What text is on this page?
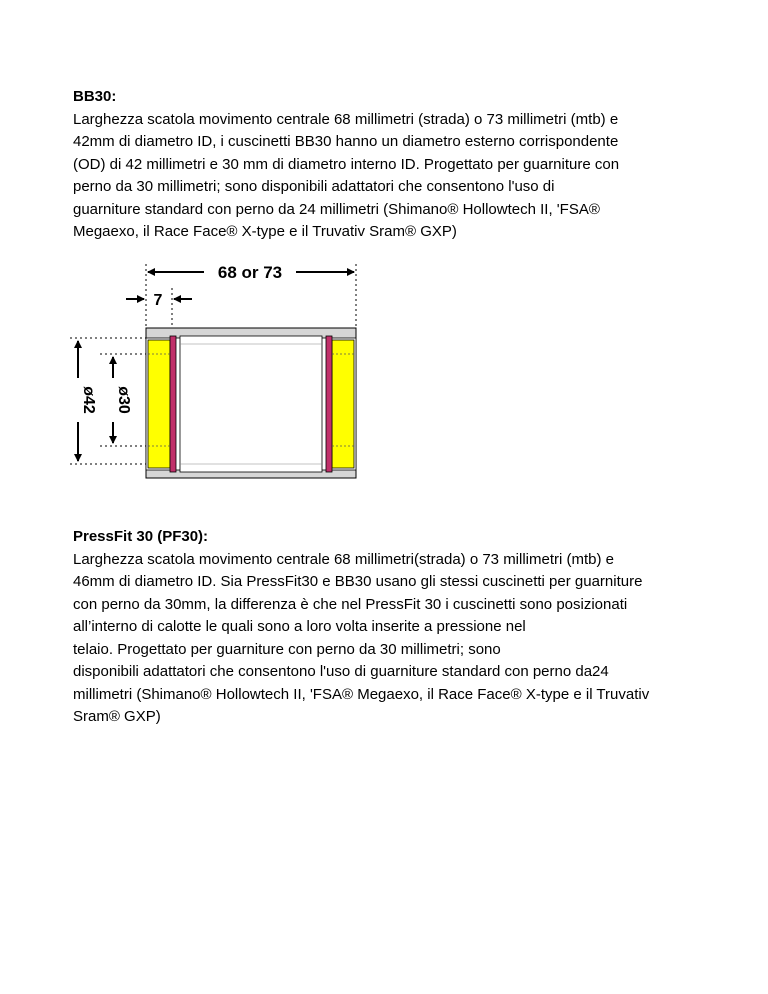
BB30:
Larghezza scatola movimento centrale 68 millimetri (strada) o 73 millimetri (mtb) e
42mm di diametro ID, i cuscinetti BB30 hanno un diametro esterno corrispondente
(OD) di 42 millimetri e 30 mm di diametro interno ID. Progettato per guarniture con
perno da 30 millimetri; sono disponibili adattatori che consentono l'uso di
guarniture standard con perno da 24 millimetri (Shimano® Hollowtech II, 'FSA®
Megaexo, il Race Face® X-type e il Truvativ Sram® GXP)
68 or 73
7
ø42 ø30
PressFit 30 (PF30):
Larghezza scatola movimento centrale 68 millimetri(strada) o 73 millimetri (mtb) e
46mm di diametro ID. Sia PressFit30 e BB30 usano gli stessi cuscinetti per guarniture
con perno da 30mm, la differenza è che nel PressFit 30 i cuscinetti sono posizionati
all’interno di calotte le quali sono a loro volta inserite a pressione nel
telaio. Progettato per guarniture con perno da 30 millimetri; sono
disponibili adattatori che consentono l'uso di guarniture standard con perno da24
millimetri (Shimano® Hollowtech II, 'FSA® Megaexo, il Race Face® X-type e il Truvativ
Sram® GXP)
